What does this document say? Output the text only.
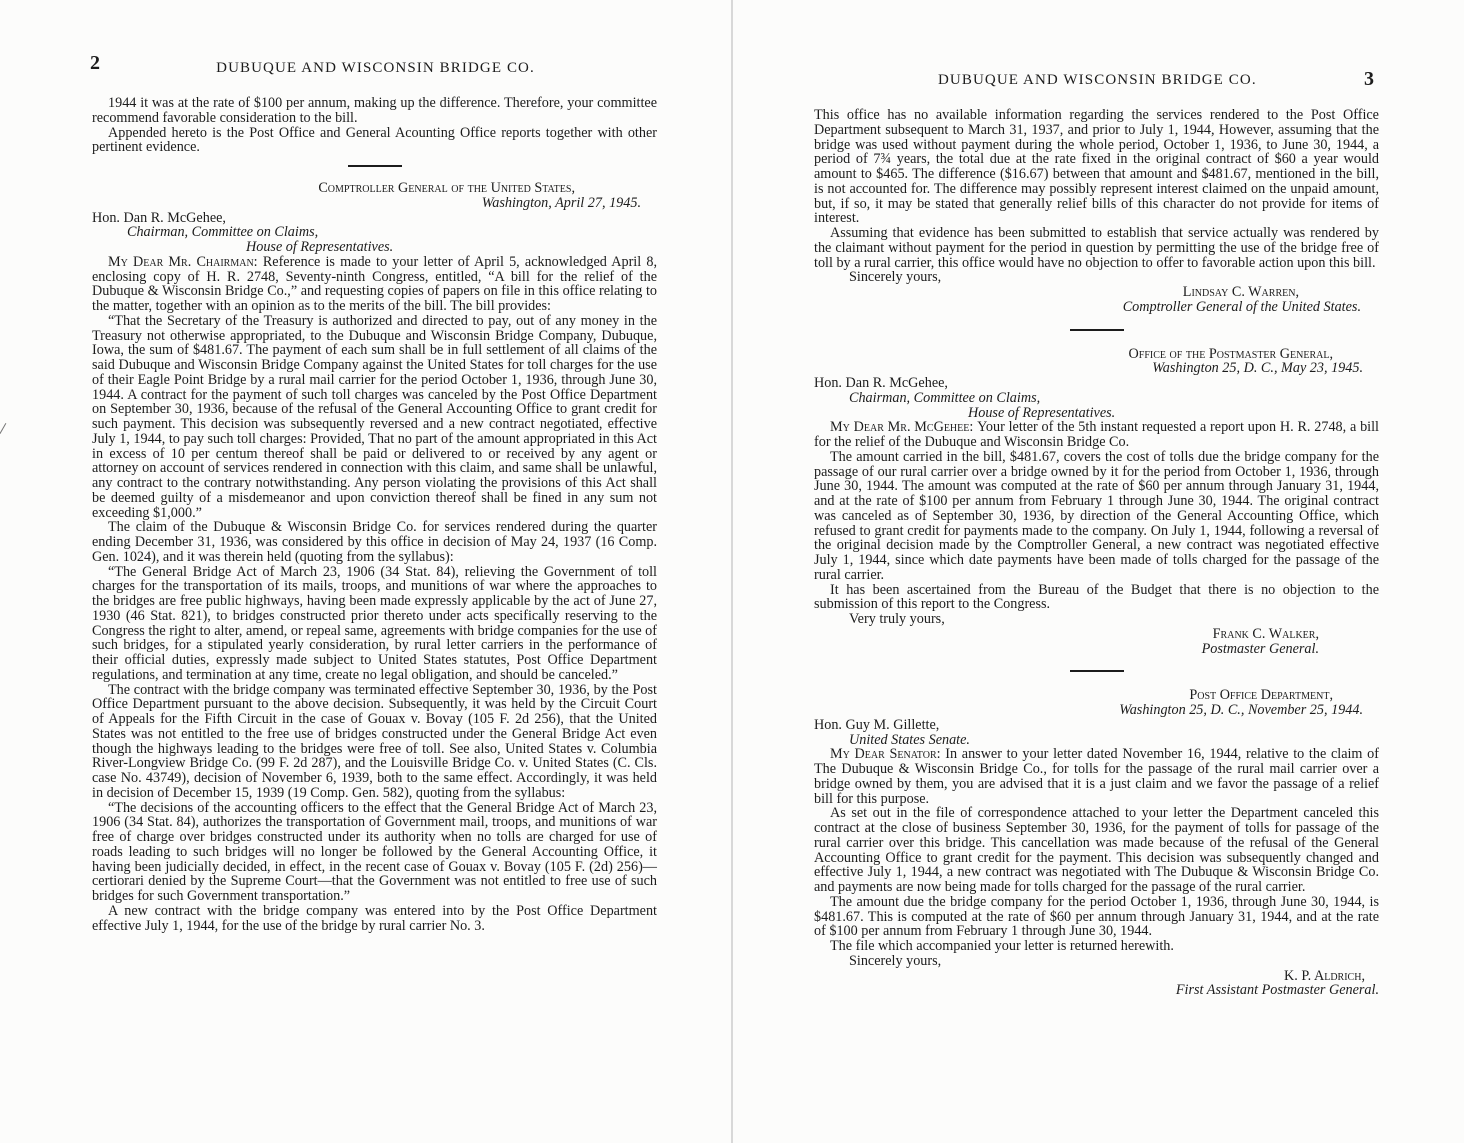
2	DUBUQUE AND WISCONSIN BRIDGE CO.

1944 it was at the rate of $100 per annum, making up the difference. Therefore, your committee recommend favorable consideration to the bill.

Appended hereto is the Post Office and General Acounting Office reports together with other pertinent evidence.

Comptroller General of the United States,

Washington, April 27, 1945.

Hon. Dan R. McGehee,

Chairman, Committee on Claims,

House of Representatives.

My Dear Mr. Chairman: Reference is made to your letter of April 5, acknowledged April 8, enclosing copy of H. R. 2748, Seventy-ninth Congress, entitled, “A bill for the relief of the Dubuque & Wisconsin Bridge Co.,” and requesting copies of papers on file in this office relating to the matter, together with an opinion as to the merits of the bill. The bill provides:

“That the Secretary of the Treasury is authorized and directed to pay, out of any money in the Treasury not otherwise appropriated, to the Dubuque and Wisconsin Bridge Company, Dubuque, Iowa, the sum of $481.67. The payment of each sum shall be in full settlement of all claims of the said Dubuque and Wisconsin Bridge Company against the United States for toll charges for the use of their Eagle Point Bridge by a rural mail carrier for the period October 1, 1936, through June 30, 1944. A contract for the payment of such toll charges was canceled by the Post Office Department on September 30, 1936, because of the refusal of the General Accounting Office to grant credit for such payment. This decision was subsequently reversed and a new contract negotiated, effective July 1, 1944, to pay such toll charges: Provided, That no part of the amount appropriated in this Act in excess of 10 per centum thereof shall be paid or delivered to or received by any agent or attorney on account of services rendered in connection with this claim, and same shall be unlawful, any contract to the contrary notwithstanding. Any person violating the provisions of this Act shall be deemed guilty of a misdemeanor and upon conviction thereof shall be fined in any sum not exceeding $1,000.”

The claim of the Dubuque & Wisconsin Bridge Co. for services rendered during the quarter ending December 31, 1936, was considered by this office in decision of May 24, 1937 (16 Comp. Gen. 1024), and it was therein held (quoting from the syllabus):

“The General Bridge Act of March 23, 1906 (34 Stat. 84), relieving the Government of toll charges for the transportation of its mails, troops, and munitions of war where the approaches to the bridges are free public highways, having been made expressly applicable by the act of June 27, 1930 (46 Stat. 821), to bridges constructed prior thereto under acts specifically reserving to the Congress the right to alter, amend, or repeal same, agreements with bridge companies for the use of such bridges, for a stipulated yearly consideration, by rural letter carriers in the performance of their official duties, expressly made subject to United States statutes, Post Office Department regulations, and termination at any time, create no legal obligation, and should be canceled.”

The contract with the bridge company was terminated effective September 30, 1936, by the Post Office Department pursuant to the above decision. Subsequently, it was held by the Circuit Court of Appeals for the Fifth Circuit in the case of Gouax v. Bovay (105 F. 2d 256), that the United States was not entitled to the free use of bridges constructed under the General Bridge Act even though the highways leading to the bridges were free of toll. See also, United States v. Columbia River-Longview Bridge Co. (99 F. 2d 287), and the Louisville Bridge Co. v. United States (C. Cls. case No. 43749), decision of November 6, 1939, both to the same effect. Accordingly, it was held in decision of December 15, 1939 (19 Comp. Gen. 582), quoting from the syllabus:

“The decisions of the accounting officers to the effect that the General Bridge Act of March 23, 1906 (34 Stat. 84), authorizes the transportation of Government mail, troops, and munitions of war free of charge over bridges constructed under its authority when no tolls are charged for use of roads leading to such bridges will no longer be followed by the General Accounting Office, it having been judicially decided, in effect, in the recent case of Gouax v. Bovay (105 F. (2d) 256)—certiorari denied by the Supreme Court—that the Government was not entitled to free use of such bridges for such Government transportation.”

A new contract with the bridge company was entered into by the Post Office Department effective July 1, 1944, for the use of the bridge by rural carrier No. 3.

DUBUQUE AND WISCONSIN BRIDGE CO.	3

This office has no available information regarding the services rendered to the Post Office Department subsequent to March 31, 1937, and prior to July 1, 1944, However, assuming that the bridge was used without payment during the whole period, October 1, 1936, to June 30, 1944, a period of 7¾ years, the total due at the rate fixed in the original contract of $60 a year would amount to $465. The difference ($16.67) between that amount and $481.67, mentioned in the bill, is not accounted for. The difference may possibly represent interest claimed on the unpaid amount, but, if so, it may be stated that generally relief bills of this character do not provide for items of interest.

Assuming that evidence has been submitted to establish that service actually was rendered by the claimant without payment for the period in question by permitting the use of the bridge free of toll by a rural carrier, this office would have no objection to offer to favorable action upon this bill.

Sincerely yours,

Lindsay C. Warren,

Comptroller General of the United States.

Office of the Postmaster General,

Washington 25, D. C., May 23, 1945.

Hon. Dan R. McGehee,

Chairman, Committee on Claims,

House of Representatives.

My Dear Mr. McGehee: Your letter of the 5th instant requested a report upon H. R. 2748, a bill for the relief of the Dubuque and Wisconsin Bridge Co.

The amount carried in the bill, $481.67, covers the cost of tolls due the bridge company for the passage of our rural carrier over a bridge owned by it for the period from October 1, 1936, through June 30, 1944. The amount was computed at the rate of $60 per annum through January 31, 1944, and at the rate of $100 per annum from February 1 through June 30, 1944. The original contract was canceled as of September 30, 1936, by direction of the General Accounting Office, which refused to grant credit for payments made to the company. On July 1, 1944, following a reversal of the original decision made by the Comptroller General, a new contract was negotiated effective July 1, 1944, since which date payments have been made of tolls charged for the passage of the rural carrier.

It has been ascertained from the Bureau of the Budget that there is no objection to the submission of this report to the Congress.

Very truly yours,

Frank C. Walker,

Postmaster General.

Post Office Department,

Washington 25, D. C., November 25, 1944.

Hon. Guy M. Gillette,

United States Senate.

My Dear Senator: In answer to your letter dated November 16, 1944, relative to the claim of The Dubuque & Wisconsin Bridge Co., for tolls for the passage of the rural mail carrier over a bridge owned by them, you are advised that it is a just claim and we favor the passage of a relief bill for this purpose.

As set out in the file of correspondence attached to your letter the Department canceled this contract at the close of business September 30, 1936, for the payment of tolls for passage of the rural carrier over this bridge. This cancellation was made because of the refusal of the General Accounting Office to grant credit for the payment. This decision was subsequently changed and effective July 1, 1944, a new contract was negotiated with The Dubuque & Wisconsin Bridge Co. and payments are now being made for tolls charged for the passage of the rural carrier.

The amount due the bridge company for the period October 1, 1936, through June 30, 1944, is $481.67. This is computed at the rate of $60 per annum through January 31, 1944, and at the rate of $100 per annum from February 1 through June 30, 1944.

The file which accompanied your letter is returned herewith.

Sincerely yours,

K. P. Aldrich,

First Assistant Postmaster General.
